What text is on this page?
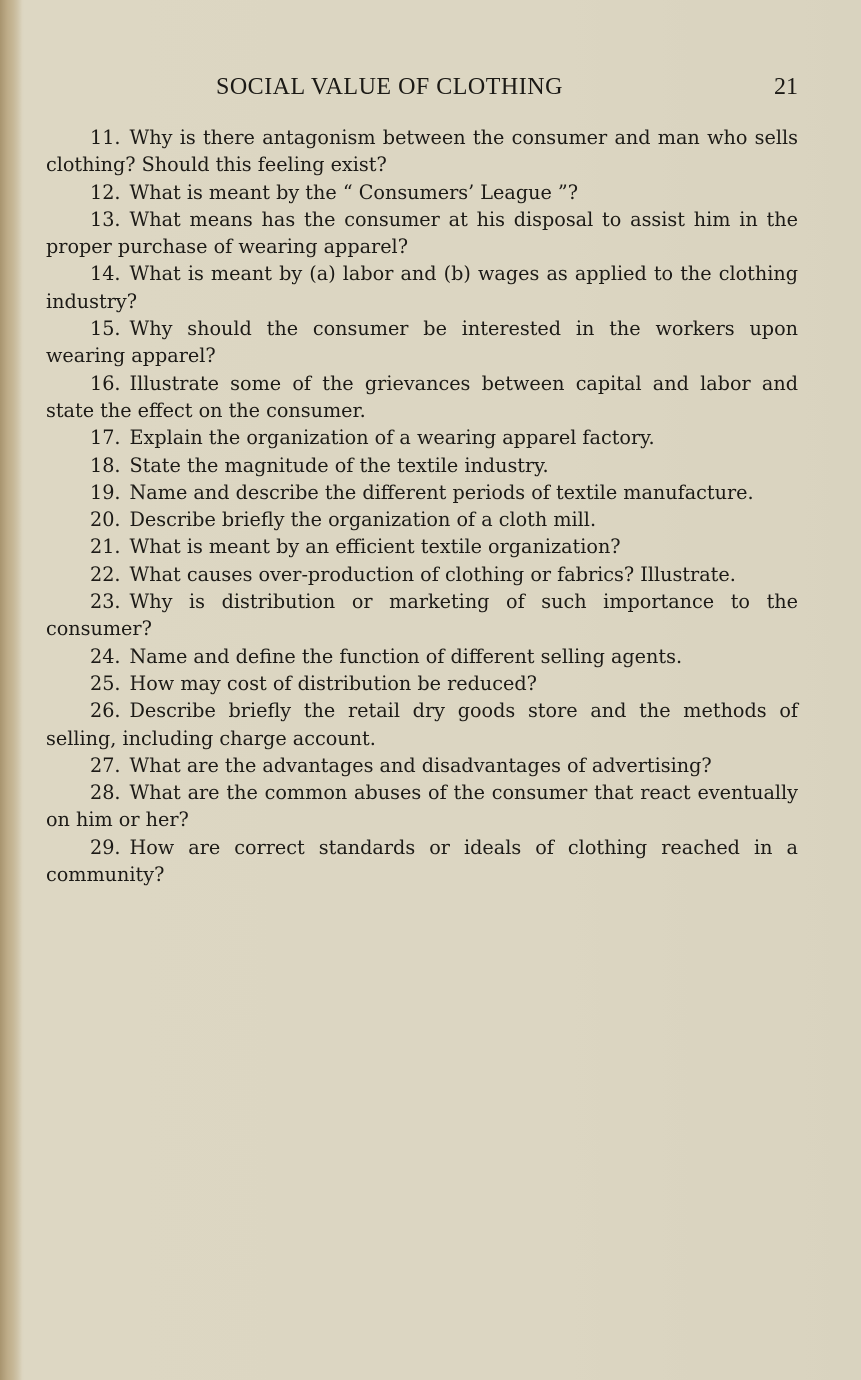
SOCIAL VALUE OF CLOTHING	21
11. Why is there antagonism between the consumer and man who sells clothing? Should this feeling exist?
12. What is meant by the “ Consumers’ League ”?
13. What means has the consumer at his disposal to assist him in the proper purchase of wearing apparel?
14. What is meant by (a) labor and (b) wages as applied to the clothing industry?
15. Why should the consumer be interested in the workers upon wearing apparel?
16. Illustrate some of the grievances between capital and labor and state the effect on the consumer.
17. Explain the organization of a wearing apparel factory.
18. State the magnitude of the textile industry.
19. Name and describe the different periods of textile manufacture.
20. Describe briefly the organization of a cloth mill.
21. What is meant by an efficient textile organization?
22. What causes over-production of clothing or fabrics? Illustrate.
23. Why is distribution or marketing of such importance to the consumer?
24. Name and define the function of different selling agents.
25. How may cost of distribution be reduced?
26. Describe briefly the retail dry goods store and the methods of selling, including charge account.
27. What are the advantages and disadvantages of advertising?
28. What are the common abuses of the consumer that react eventually on him or her?
29. How are correct standards or ideals of clothing reached in a community?
